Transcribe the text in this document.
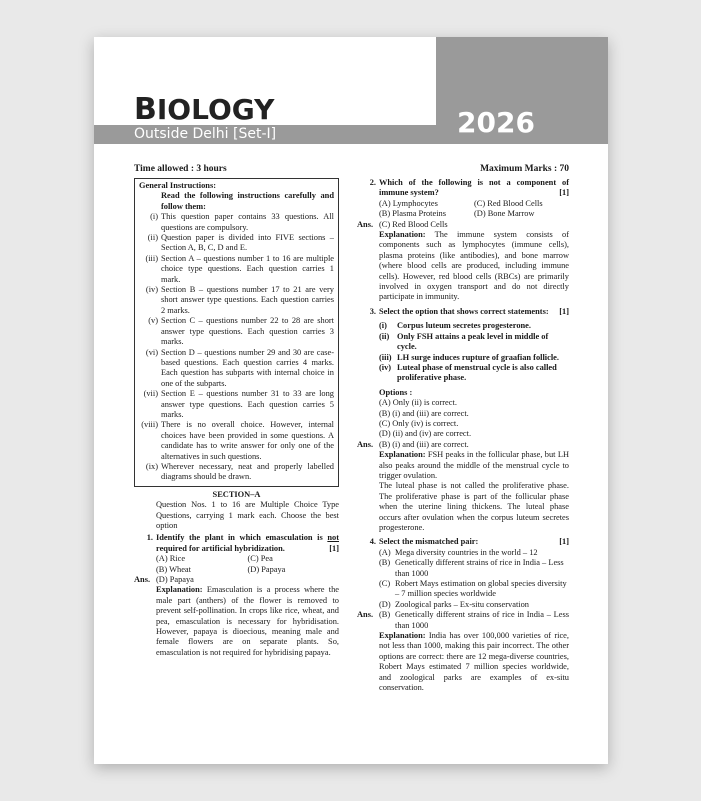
BIOLOGY
Outside Delhi [Set-I]	2026
Time allowed : 3 hours	Maximum Marks : 70
General Instructions:
Read the following instructions carefully and follow them:
(i) This question paper contains 33 questions. All questions are compulsory.
(ii) Question paper is divided into FIVE sections – Section A, B, C, D and E.
(iii) Section A – questions number 1 to 16 are multiple choice type questions. Each question carries 1 mark.
(iv) Section B – questions number 17 to 21 are very short answer type questions. Each question carries 2 marks.
(v) Section C – questions number 22 to 28 are short answer type questions. Each question carries 3 marks.
(vi) Section D – questions number 29 and 30 are case-based questions. Each question carries 4 marks. Each question has subparts with internal choice in one of the subparts.
(vii) Section E – questions number 31 to 33 are long answer type questions. Each question carries 5 marks.
(viii) There is no overall choice. However, internal choices have been provided in some questions. A candidate has to write answer for only one of the alternatives in such questions.
(ix) Wherever necessary, neat and properly labelled diagrams should be drawn.
SECTION–A
Question Nos. 1 to 16 are Multiple Choice Type Questions, carrying 1 mark each. Choose the best option
1. Identify the plant in which emasculation is not required for artificial hybridization.	[1]
(A) Rice	(C) Pea
(B) Wheat	(D) Papaya
Ans. (D) Papaya
Explanation: Emasculation is a process where the male part (anthers) of the flower is removed to prevent self-pollination. In crops like rice, wheat, and pea, emasculation is necessary for hybridisation. However, papaya is dioecious, meaning male and female flowers are on separate plants. So, emasculation is not required for hybridising papaya.
2. Which of the following is not a component of immune system?	[1]
(A) Lymphocytes	(C) Red Blood Cells
(B) Plasma Proteins	(D) Bone Marrow
Ans. (C) Red Blood Cells
Explanation: The immune system consists of components such as lymphocytes (immune cells), plasma proteins (like antibodies), and bone marrow (where blood cells are produced, including immune cells). However, red blood cells (RBCs) are primarily involved in oxygen transport and do not directly participate in immunity.
3. Select the option that shows correct statements: [1]
(i)	Corpus luteum secretes progesterone.
(ii) Only FSH attains a peak level in middle of cycle.
(iii) LH surge induces rupture of graafian follicle.
(iv) Luteal phase of menstrual cycle is also called proliferative phase.
Options :
(A) Only (ii) is correct.
(B) (i) and (iii) are correct.
(C) Only (iv) is correct.
(D) (ii) and (iv) are correct.
Ans. (B) (i) and (iii) are correct.
Explanation: FSH peaks in the follicular phase, but LH also peaks around the middle of the menstrual cycle to trigger ovulation.
The luteal phase is not called the proliferative phase. The proliferative phase is part of the follicular phase when the uterine lining thickens. The luteal phase occurs after ovulation when the corpus luteum secretes progesterone.
4. Select the mismatched pair:	[1]
(A) Mega diversity countries in the world – 12
(B) Genetically different strains of rice in India – Less than 1000
(C) Robert Mays estimation on global species diversity – 7 million species worldwide
(D) Zoological parks – Ex-situ conservation
Ans. (B) Genetically different strains of rice in India – Less than 1000
Explanation: India has over 100,000 varieties of rice, not less than 1000, making this pair incorrect. The other options are correct: there are 12 mega-diverse countries, Robert Mays estimated 7 million species worldwide, and zoological parks are examples of ex-situ conservation.
